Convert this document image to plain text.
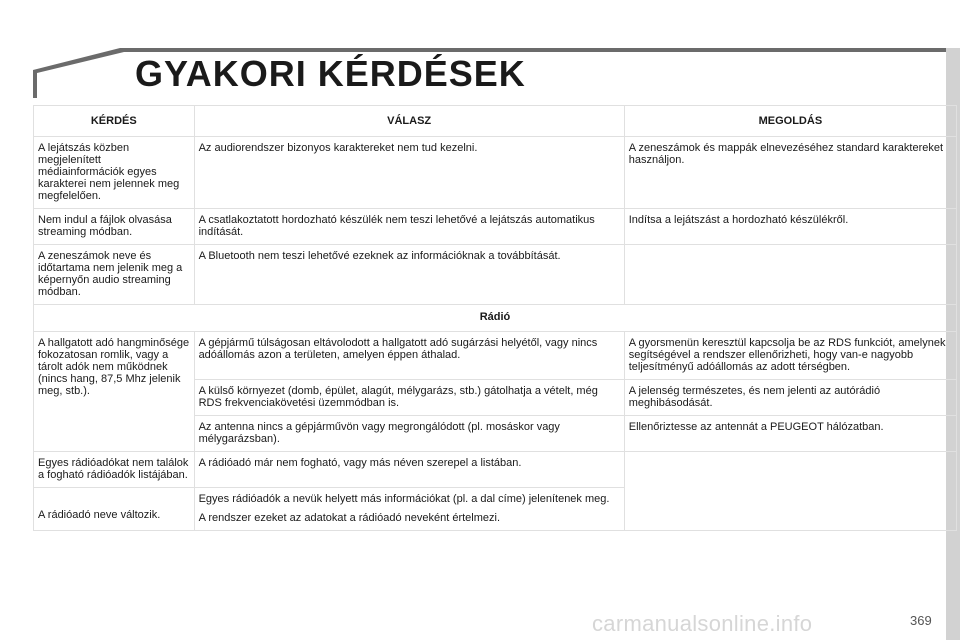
GYAKORI KÉRDÉSEK
KÉRDÉS	VÁLASZ	MEGOLDÁS
A lejátszás közben megjelenített médiainformációk egyes karakterei nem jelennek meg megfelelően.	Az audiorendszer bizonyos karaktereket nem tud kezelni.	A zeneszámok és mappák elnevezéséhez standard karaktereket használjon.
Nem indul a fájlok olvasása streaming módban.	A csatlakoztatott hordozható készülék nem teszi lehetővé a lejátszás automatikus indítását.	Indítsa a lejátszást a hordozható készülékről.
A zeneszámok neve és időtartama nem jelenik meg a képernyőn audio streaming módban.	A Bluetooth nem teszi lehetővé ezeknek az információknak a továbbítását.	
Rádió		
A hallgatott adó hangminősége fokozatosan romlik, vagy a tárolt adók nem működnek (nincs hang, 87,5 Mhz jelenik meg, stb.).	A gépjármű túlságosan eltávolodott a hallgatott adó sugárzási helyétől, vagy nincs adóállomás azon a területen, amelyen éppen áthalad.	A gyorsmenün keresztül kapcsolja be az RDS funkciót, amelynek segítségével a rendszer ellenőrizheti, hogy van-e nagyobb teljesítményű adóállomás az adott térségben.
	A külső környezet (domb, épület, alagút, mélygarázs, stb.) gátolhatja a vételt, még RDS frekvenciakövetési üzemmódban is.	A jelenség természetes, és nem jelenti az autórádió meghibásodását.
	Az antenna nincs a gépjárművön vagy megrongálódott (pl. mosáskor vagy mélygarázsban).	Ellenőriztesse az antennát a PEUGEOT hálózatban.
Egyes rádióadókat nem találok a fogható rádióadók listájában.	A rádióadó már nem fogható, vagy más néven szerepel a listában.	
A rádióadó neve változik.	Egyes rádióadók a nevük helyett más információkat (pl. a dal címe) jelenítenek meg.
A rendszer ezeket az adatokat a rádióadó neveként értelmezi.	
carmanualsonline.info	369
